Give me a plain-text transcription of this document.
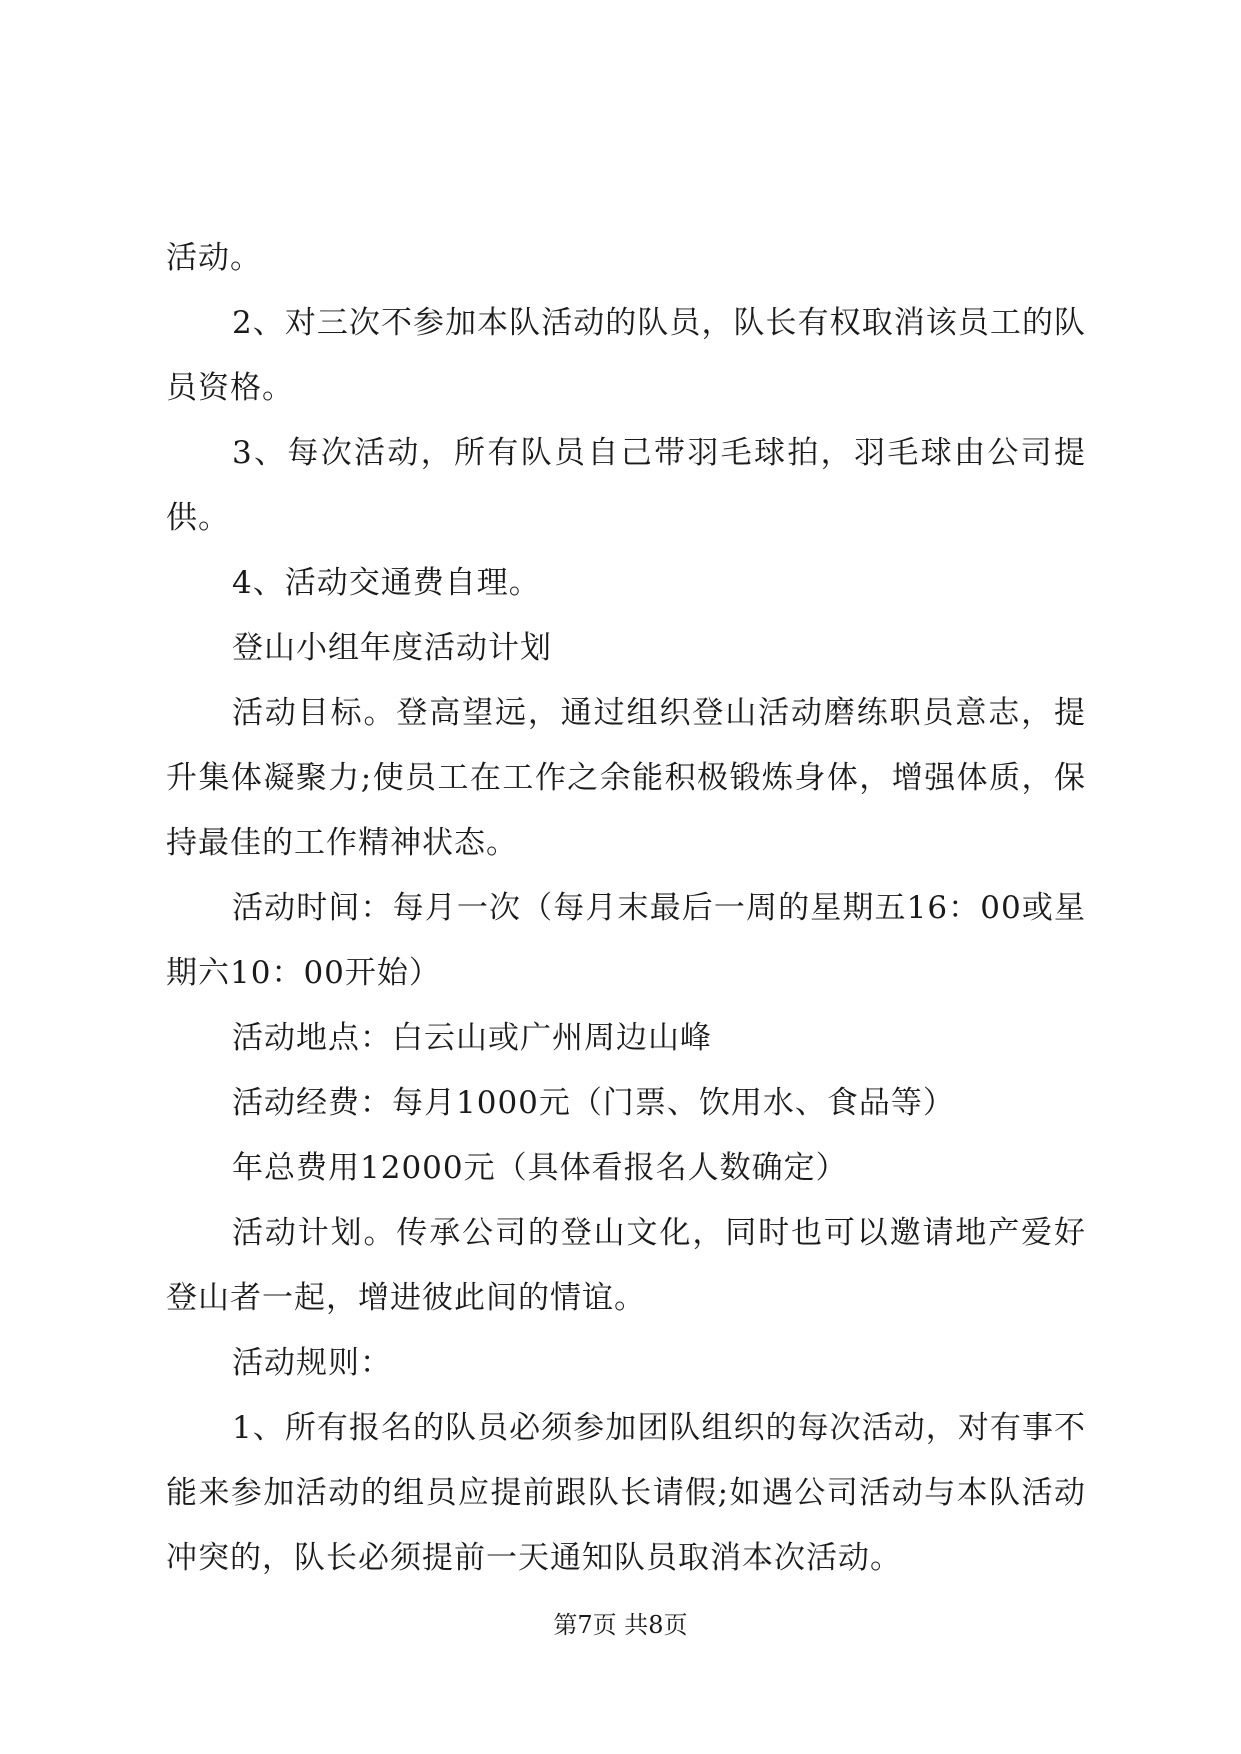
活动。

2、对三次不参加本队活动的队员，队长有权取消该员工的队员资格。

3、每次活动，所有队员自己带羽毛球拍，羽毛球由公司提供。

4、活动交通费自理。

登山小组年度活动计划

活动目标。登高望远，通过组织登山活动磨练职员意志，提升集体凝聚力;使员工在工作之余能积极锻炼身体，增强体质，保持最佳的工作精神状态。

活动时间：每月一次（每月末最后一周的星期五16：00或星期六10：00开始）

活动地点：白云山或广州周边山峰

活动经费：每月1000元（门票、饮用水、食品等）

年总费用12000元（具体看报名人数确定）

活动计划。传承公司的登山文化，同时也可以邀请地产爱好登山者一起，增进彼此间的情谊。

活动规则：

1、所有报名的队员必须参加团队组织的每次活动，对有事不能来参加活动的组员应提前跟队长请假;如遇公司活动与本队活动冲突的，队长必须提前一天通知队员取消本次活动。

第7页 共8页
